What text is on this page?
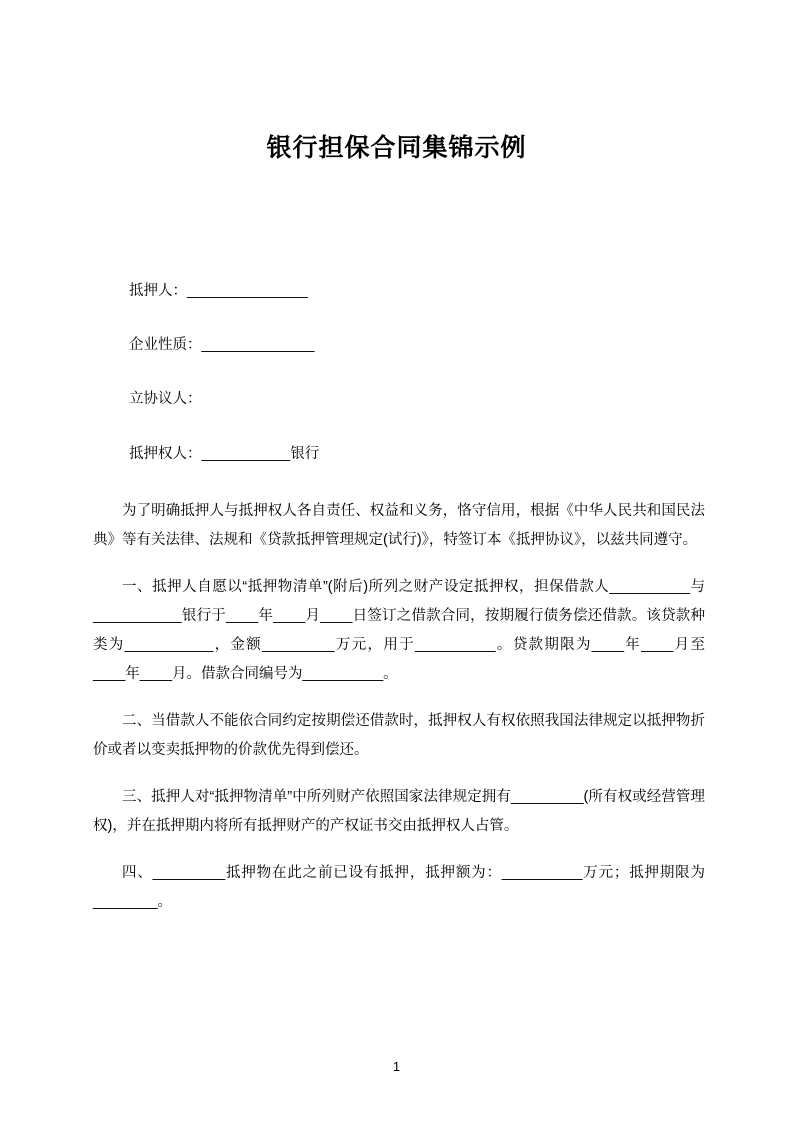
银行担保合同集锦示例

抵押人：_______________

企业性质：______________

立协议人：

抵押权人：___________银行

为了明确抵押人与抵押权人各自责任、权益和义务，恪守信用，根据《中华人民共和国民法典》等有关法律、法规和《贷款抵押管理规定(试行)》，特签订本《抵押协议》，以兹共同遵守。

一、抵押人自愿以“抵押物清单”(附后)所列之财产设定抵押权，担保借款人__________与___________银行于____年____月____日签订之借款合同，按期履行债务偿还借款。该贷款种类为___________，金额_________万元，用于__________。贷款期限为____年____月至____年____月。借款合同编号为__________。

二、当借款人不能依合同约定按期偿还借款时，抵押权人有权依照我国法律规定以抵押物折价或者以变卖抵押物的价款优先得到偿还。

三、抵押人对“抵押物清单”中所列财产依照国家法律规定拥有_________(所有权或经营管理权)，并在抵押期内将所有抵押财产的产权证书交由抵押权人占管。

四、_________抵押物在此之前已设有抵押，抵押额为：__________万元；抵押期限为________。

1
